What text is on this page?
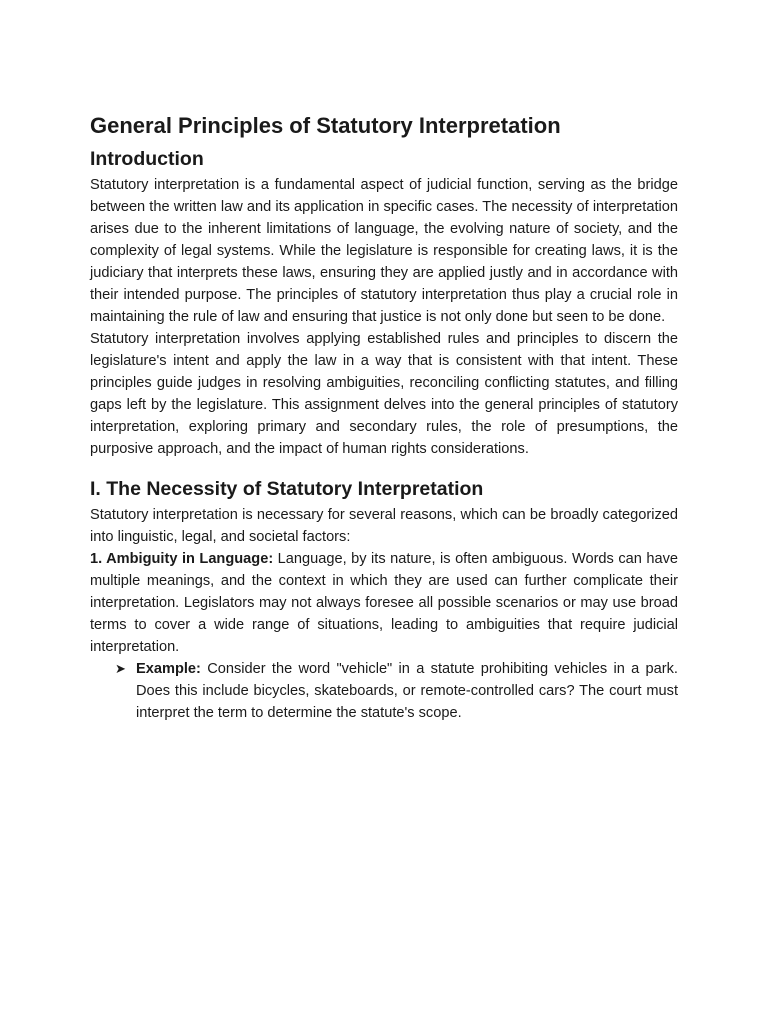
General Principles of Statutory Interpretation
Introduction

Statutory interpretation is a fundamental aspect of judicial function, serving as the bridge between the written law and its application in specific cases. The necessity of interpretation arises due to the inherent limitations of language, the evolving nature of society, and the complexity of legal systems. While the legislature is responsible for creating laws, it is the judiciary that interprets these laws, ensuring they are applied justly and in accordance with their intended purpose. The principles of statutory interpretation thus play a crucial role in maintaining the rule of law and ensuring that justice is not only done but seen to be done.

Statutory interpretation involves applying established rules and principles to discern the legislature's intent and apply the law in a way that is consistent with that intent. These principles guide judges in resolving ambiguities, reconciling conflicting statutes, and filling gaps left by the legislature. This assignment delves into the general principles of statutory interpretation, exploring primary and secondary rules, the role of presumptions, the purposive approach, and the impact of human rights considerations.

I. The Necessity of Statutory Interpretation

Statutory interpretation is necessary for several reasons, which can be broadly categorized into linguistic, legal, and societal factors:

1. Ambiguity in Language: Language, by its nature, is often ambiguous. Words can have multiple meanings, and the context in which they are used can further complicate their interpretation. Legislators may not always foresee all possible scenarios or may use broad terms to cover a wide range of situations, leading to ambiguities that require judicial interpretation.

➤ Example: Consider the word "vehicle" in a statute prohibiting vehicles in a park. Does this include bicycles, skateboards, or remote-controlled cars? The court must interpret the term to determine the statute's scope.
